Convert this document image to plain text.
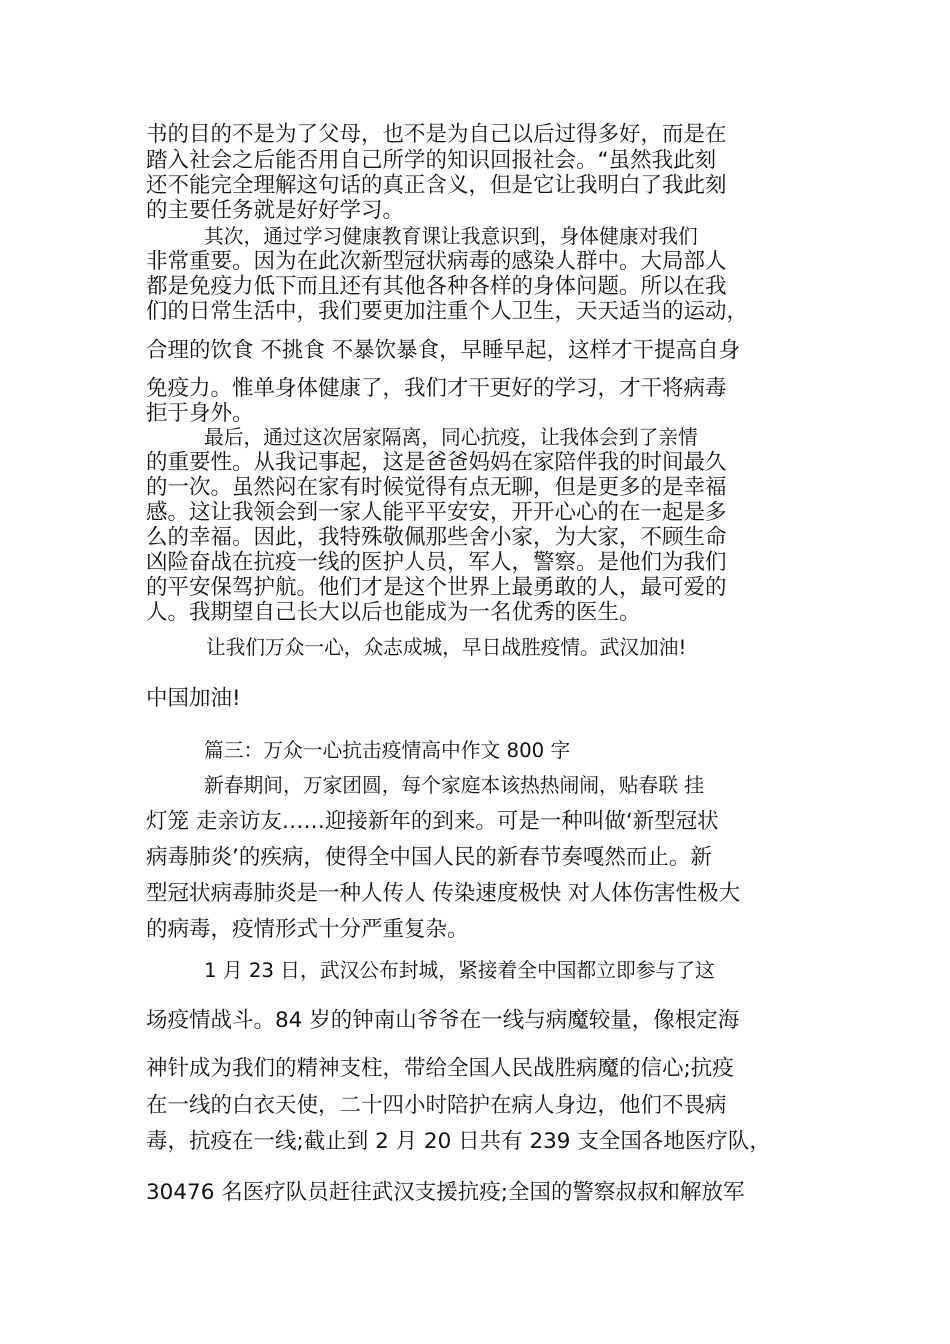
书的目的不是为了父母，也不是为自己以后过得多好，而是在
踏入社会之后能否用自己所学的知识回报社会。“虽然我此刻
还不能完全理解这句话的真正含义，但是它让我明白了我此刻
的主要任务就是好好学习。
其次，通过学习健康教育课让我意识到，身体健康对我们
非常重要。因为在此次新型冠状病毒的感染人群中。大局部人
都是免疫力低下而且还有其他各种各样的身体问题。所以在我
们的日常生活中，我们要更加注重个人卫生，天天适当的运动，
合理的饮食 不挑食 不暴饮暴食，早睡早起，这样才干提高自身
免疫力。惟单身体健康了，我们才干更好的学习，才干将病毒
拒于身外。
最后，通过这次居家隔离，同心抗疫，让我体会到了亲情
的重要性。从我记事起，这是爸爸妈妈在家陪伴我的时间最久
的一次。虽然闷在家有时候觉得有点无聊，但是更多的是幸福
感。这让我领会到一家人能平平安安，开开心心的在一起是多
么的幸福。因此，我特殊敬佩那些舍小家，为大家，不顾生命
凶险奋战在抗疫一线的医护人员，军人，警察。是他们为我们
的平安保驾护航。他们才是这个世界上最勇敢的人，最可爱的
人。我期望自己长大以后也能成为一名优秀的医生。
让我们万众一心，众志成城，早日战胜疫情。武汉加油!
中国加油!
篇三：万众一心抗击疫情高中作文 800 字
新春期间，万家团圆，每个家庭本该热热闹闹，贴春联 挂
灯笼 走亲访友……迎接新年的到来。可是一种叫做‘新型冠状
病毒肺炎’的疾病，使得全中国人民的新春节奏嘎然而止。新
型冠状病毒肺炎是一种人传人 传染速度极快 对人体伤害性极大
的病毒，疫情形式十分严重复杂。
1 月 23 日，武汉公布封城，紧接着全中国都立即参与了这
场疫情战斗。84 岁的钟南山爷爷在一线与病魔较量，像根定海
神针成为我们的精神支柱，带给全国人民战胜病魔的信心;抗疫
在一线的白衣天使，二十四小时陪护在病人身边，他们不畏病
毒，抗疫在一线;截止到 2 月 20 日共有 239 支全国各地医疗队，
30476 名医疗队员赶往武汉支援抗疫;全国的警察叔叔和解放军
